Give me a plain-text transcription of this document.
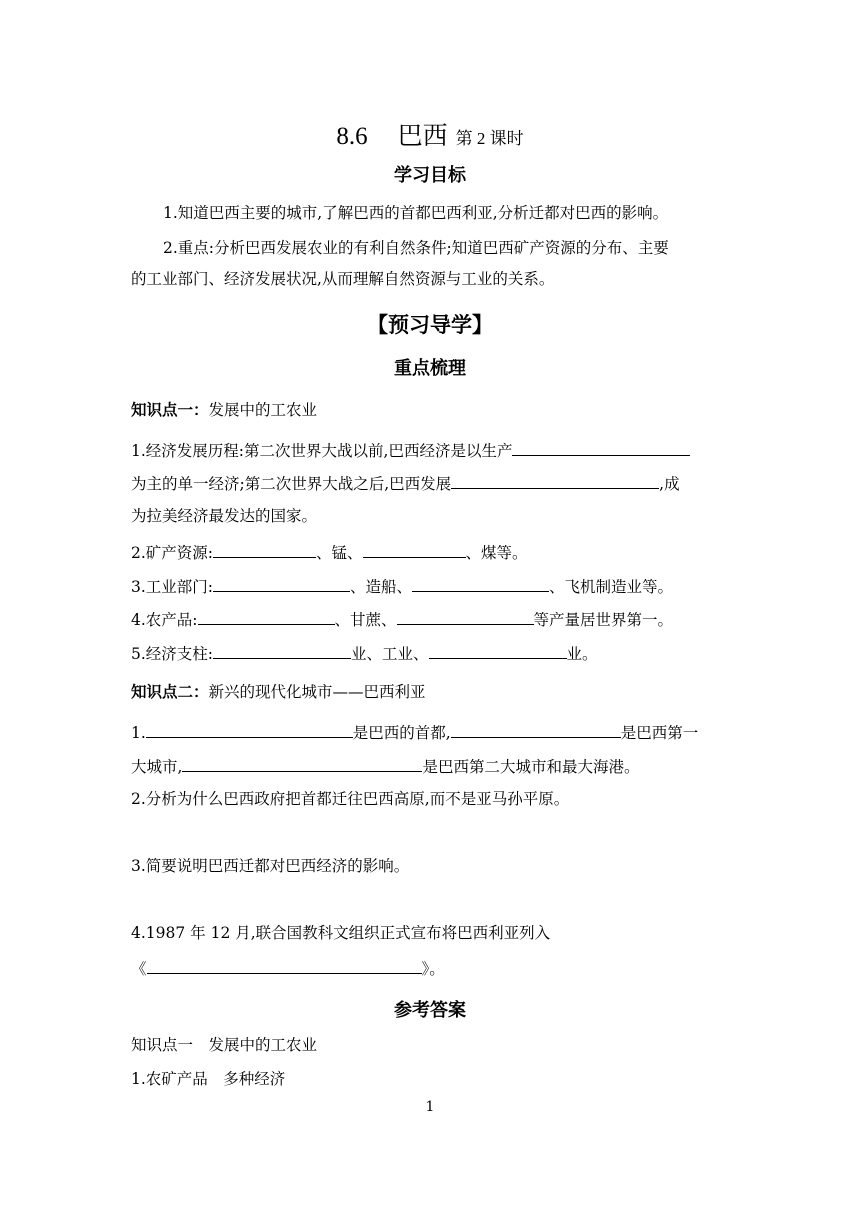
8.6 巴西 第 2 课时
学习目标
1.知道巴西主要的城市,了解巴西的首都巴西利亚,分析迁都对巴西的影响。
2.重点:分析巴西发展农业的有利自然条件;知道巴西矿产资源的分布、主要
的工业部门、经济发展状况,从而理解自然资源与工业的关系。
【预习导学】
重点梳理
知识点一：发展中的工农业
1.经济发展历程:第二次世界大战以前,巴西经济是以生产
为主的单一经济;第二次世界大战之后,巴西发展	,成
为拉美经济最发达的国家。
2.矿产资源:	、锰、	、煤等。
3.工业部门:	、造船、	、飞机制造业等。
4.农产品:	、甘蔗、	等产量居世界第一。
5.经济支柱:	业、工业、	业。
知识点二：新兴的现代化城市——巴西利亚
1.	是巴西的首都,	是巴西第一
大城市,	是巴西第二大城市和最大海港。
2.分析为什么巴西政府把首都迁往巴西高原,而不是亚马孙平原。
3.简要说明巴西迁都对巴西经济的影响。
4.1987 年 12 月,联合国教科文组织正式宣布将巴西利亚列入
《	》。
参考答案
知识点一　发展中的工农业
1.农矿产品　多种经济
1
